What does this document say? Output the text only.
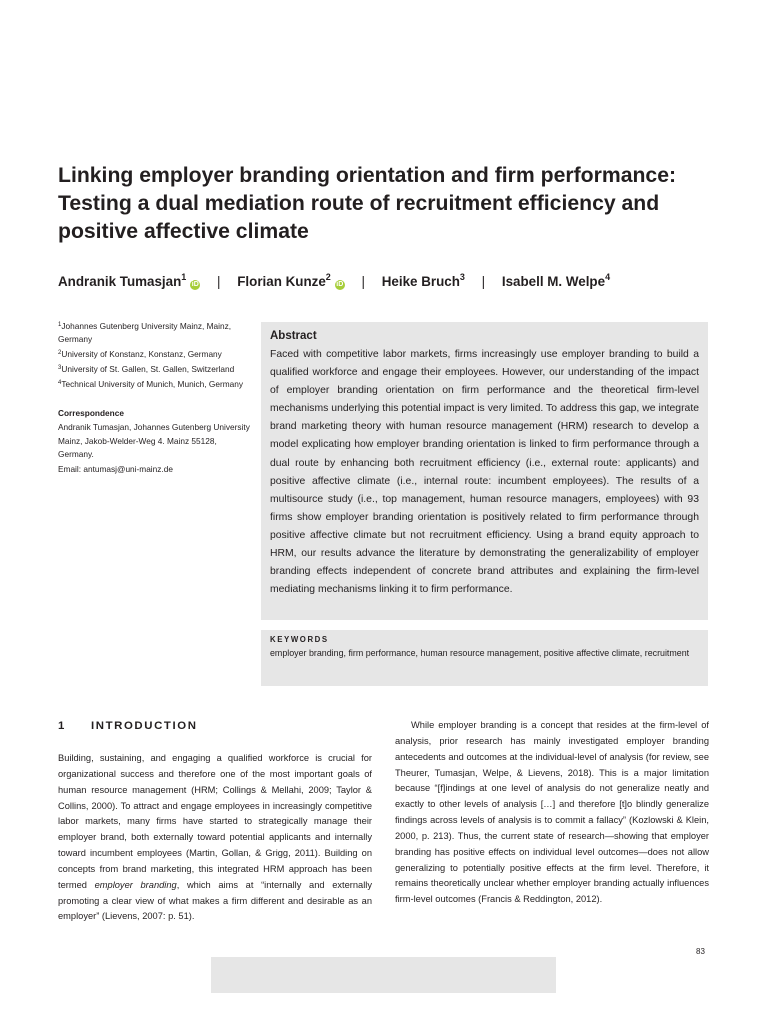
Linking employer branding orientation and firm performance: Testing a dual mediation route of recruitment efficiency and positive affective climate
Andranik Tumasjan$^1$iD | Florian Kunze$^2$iD | Heike Bruch$^3$ | Isabell M. Welpe$^4$

$^1$Johannes Gutenberg University Mainz, Mainz, Germany

$^2$University of Konstanz, Konstanz, Germany

$^3$University of St. Gallen, St. Gallen, Switzerland

$^4$Technical University of Munich, Munich, Germany

Correspondence

Andranik Tumasjan, Johannes Gutenberg University Mainz, Jakob-Welder-Weg 4. Mainz 55128, Germany.

Email: antumasj@uni-mainz.de

Abstract

Faced with competitive labor markets, firms increasingly use employer branding to build a qualified workforce and engage their employees. However, our understanding of the impact of employer branding orientation on firm performance and the theoretical firm-level mechanisms underlying this potential impact is very limited. To address this gap, we integrate brand marketing theory with human resource management (HRM) research to develop a model explicating how employer branding orientation is linked to firm performance through a dual route by enhancing both recruitment efficiency (i.e., external route: applicants) and positive affective climate (i.e., internal route: incumbent employees). The results of a multisource study (i.e., top management, human resource managers, employees) with 93 firms show employer branding orientation is positively related to firm performance through positive affective climate but not recruitment efficiency. Using a brand equity approach to HRM, our results advance the literature by demonstrating the generalizability of employer branding effects independent of concrete brand attributes and explaining the firm-level mediating mechanisms linking it to firm performance.

KEYWORDS

employer branding, firm performance, human resource management, positive affective climate, recruitment

1 INTRODUCTION

Building, sustaining, and engaging a qualified workforce is crucial for organizational success and therefore one of the most important goals of human resource management (HRM; Collings & Mellahi, 2009; Taylor & Collins, 2000). To attract and engage employees in increasingly competitive labor markets, many firms have started to strategically manage their employer brand, both externally toward potential applicants and internally toward incumbent employees (Martin, Gollan, & Grigg, 2011). Building on concepts from brand marketing, this integrated HRM approach has been termed employer branding, which aims at “internally and externally promoting a clear view of what makes a firm different and desirable as an employer” (Lievens, 2007: p. 51).

While employer branding is a concept that resides at the firm-level of analysis, prior research has mainly investigated employer branding antecedents and outcomes at the individual-level of analysis (for review, see Theurer, Tumasjan, Welpe, & Lievens, 2018). This is a major limitation because “[f]indings at one level of analysis do not generalize neatly and exactly to other levels of analysis […] and therefore [t]o blindly generalize findings across levels of analysis is to commit a fallacy” (Kozlowski & Klein, 2000, p. 213). Thus, the current state of research—showing that employer branding has positive effects on individual level outcomes—does not allow generalizing to potentially positive effects at the firm level. Therefore, it remains theoretically unclear whether employer branding actually influences firm-level outcomes (Francis & Reddington, 2012).

83
